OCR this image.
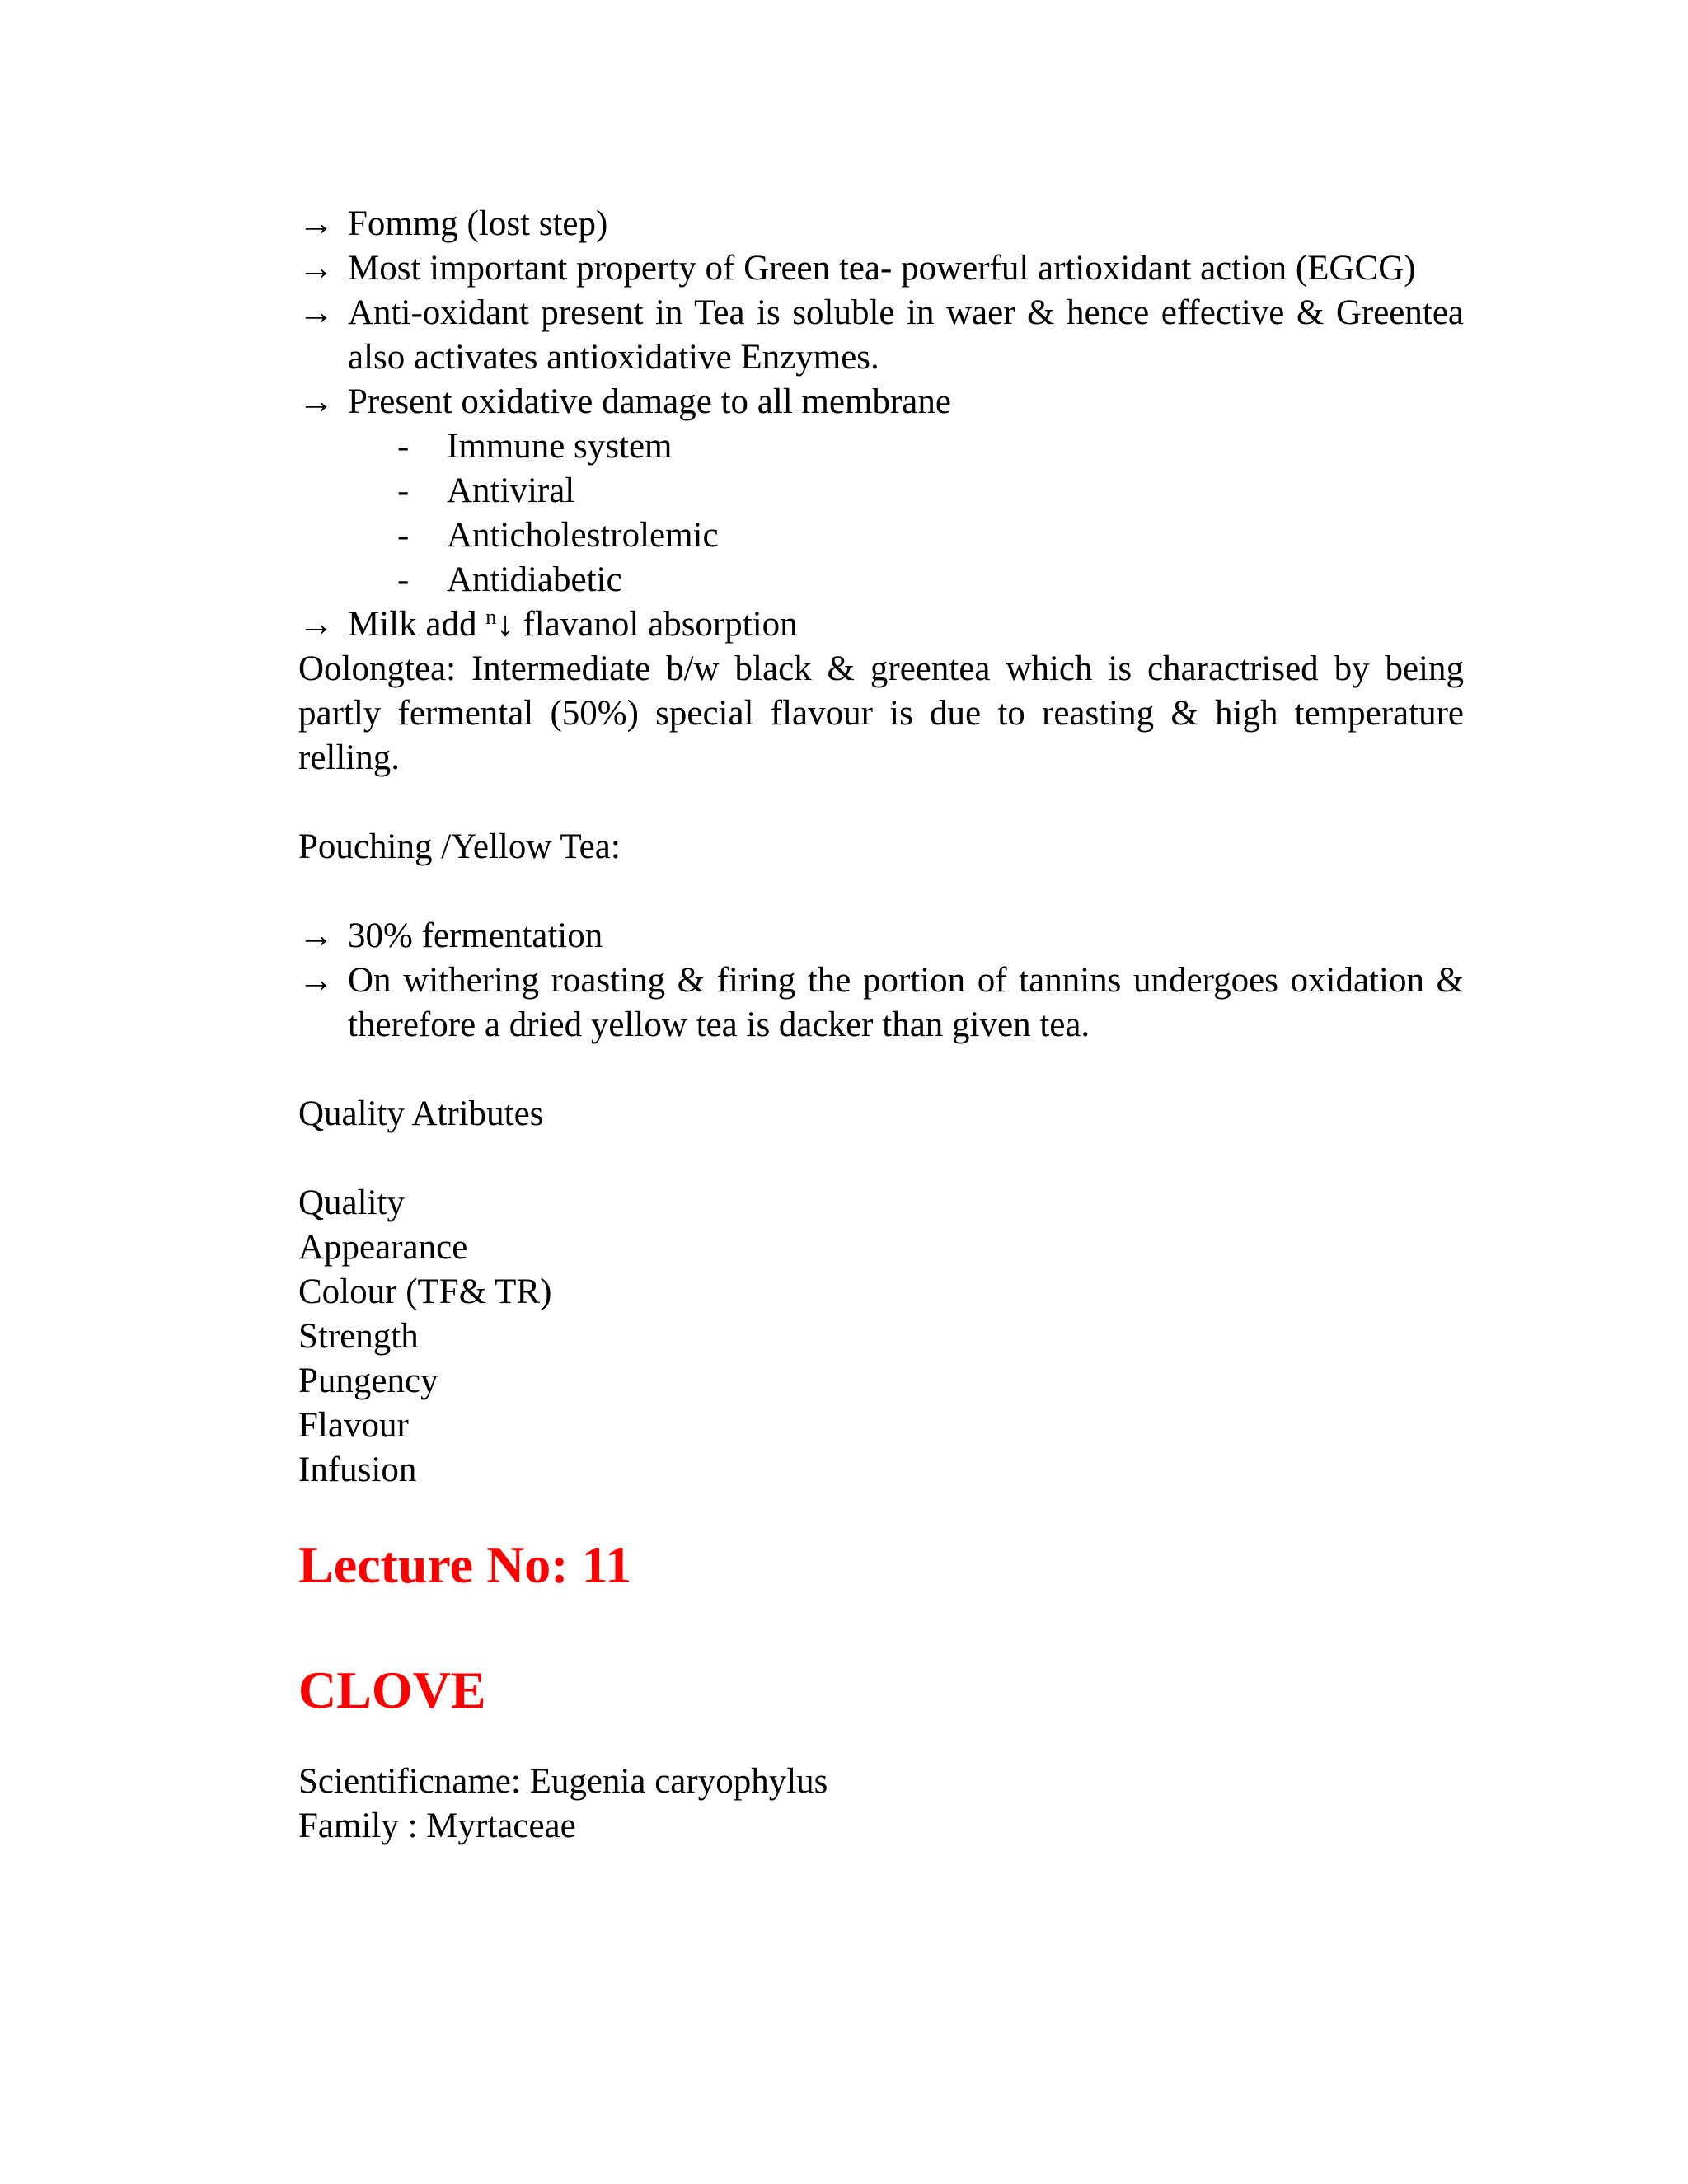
→ Fommg (lost step)
→ Most important property of Green tea- powerful artioxidant action (EGCG)
→ Anti-oxidant present in Tea is soluble in waer & hence effective & Greentea also activates antioxidative Enzymes.
→ Present oxidative damage to all membrane
- Immune system
- Antiviral
- Anticholestrolemic
- Antidiabetic
→ Milk add $^n$↓ flavanol absorption

Oolongtea: Intermediate b/w black & greentea which is charactrised by being partly fermental (50%) special flavour is due to reasting & high temperature relling.

Pouching /Yellow Tea:

→ 30% fermentation
→ On withering roasting & firing the portion of tannins undergoes oxidation & therefore a dried yellow tea is dacker than given tea.

Quality Atributes

Quality
Appearance
Colour (TF& TR)
Strength
Pungency
Flavour
Infusion
Lecture No: 11
CLOVE

Scientificname: Eugenia caryophylus

Family : Myrtaceae
